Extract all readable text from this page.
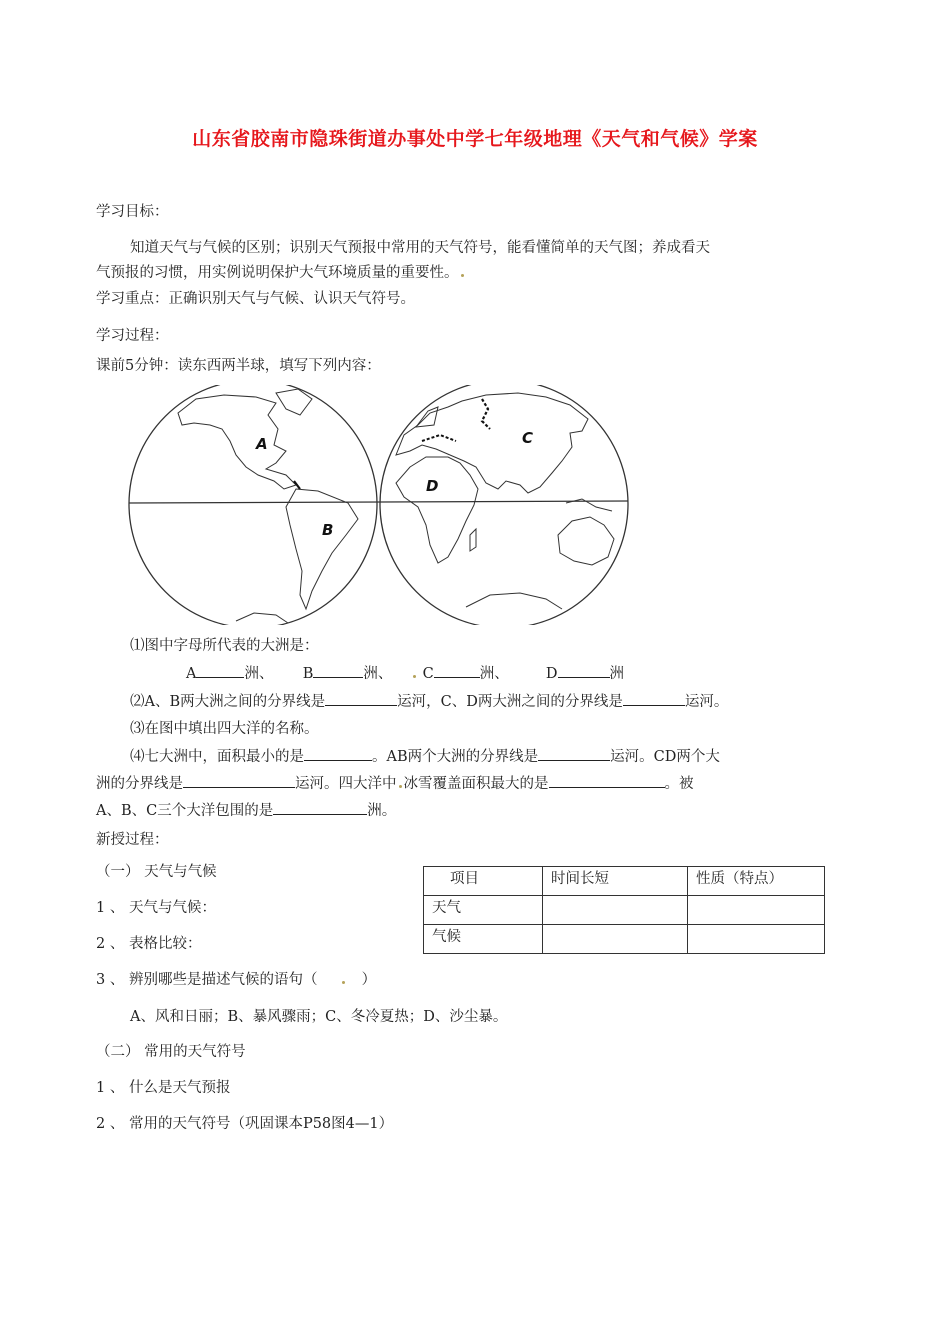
山东省胶南市隐珠街道办事处中学七年级地理《天气和气候》学案
学习目标：
知道天气与气候的区别；识别天气预报中常用的天气符号，能看懂简单的天气图；养成看天
气预报的习惯，用实例说明保护大气环境质量的重要性。
学习重点：正确识别天气与气候、认识天气符号。
学习过程：
课前5分钟：读东西两半球，填写下列内容：
A
B
C
D
⑴图中字母所代表的大洲是：
A	洲、 B	洲、 C	洲、	D	洲
⑵A、B两大洲之间的分界线是	运河，C、D两大洲之间的分界线是	运河。
⑶在图中填出四大洋的名称。
⑷七大洲中，面积最小的是	。AB两个大洲的分界线是	运河。CD两个大
洲的分界线是	运河。四大洋中 冰雪覆盖面积最大的是	。被
A、B、C三个大洋包围的是	洲。
新授过程：
（一） 天气与气候
1 、 天气与气候：
2 、 表格比较：
3 、 辨别哪些是描述气候的语句（	）
A、风和日丽；B、暴风骤雨；C、冬冷夏热；D、沙尘暴。
项目	时间长短	性质（特点）
天气		
气候		
（二） 常用的天气符号
1 、 什么是天气预报
2 、 常用的天气符号（巩固课本P58图4—1）
